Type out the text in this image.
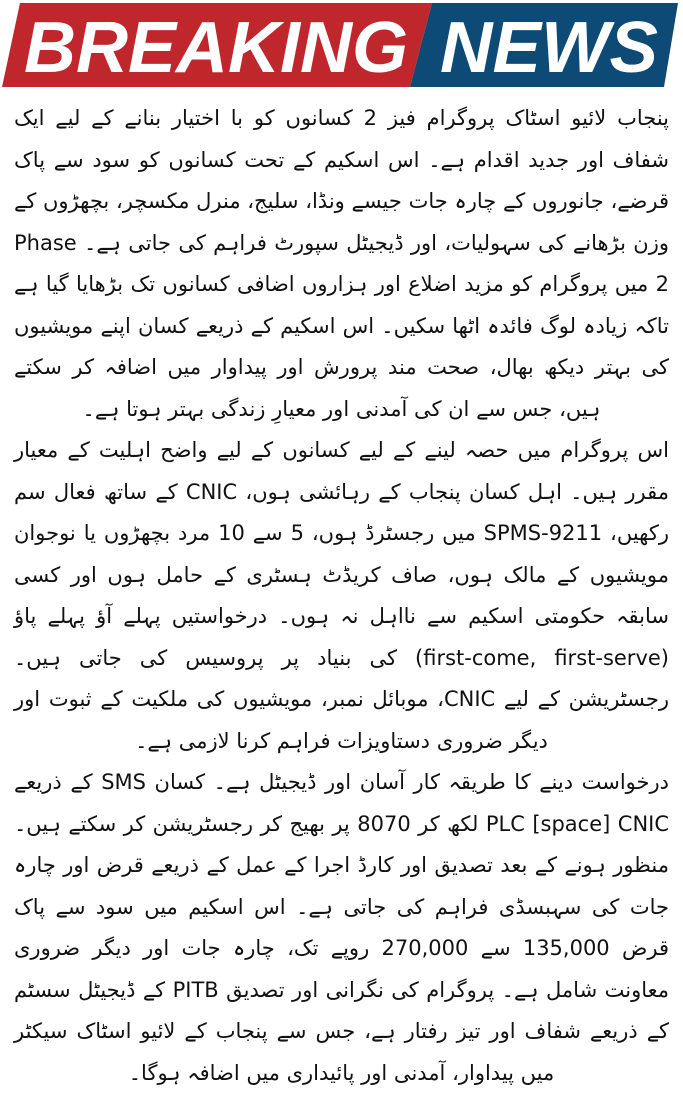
BREAKING NEWS

پنجاب لائیو اسٹاک پروگرام فیز 2 کسانوں کو با اختیار بنانے کے لیے ایک شفاف اور جدید اقدام ہے۔ اس اسکیم کے تحت کسانوں کو سود سے پاک قرضے، جانوروں کے چارہ جات جیسے ونڈا، سلیج، منرل مکسچر، بچھڑوں کے وزن بڑھانے کی سہولیات، اور ڈیجیٹل سپورٹ فراہم کی جاتی ہے۔ Phase 2 میں پروگرام کو مزید اضلاع اور ہزاروں اضافی کسانوں تک بڑھایا گیا ہے تاکہ زیادہ لوگ فائدہ اٹھا سکیں۔ اس اسکیم کے ذریعے کسان اپنے مویشیوں کی بہتر دیکھ بھال، صحت مند پرورش اور پیداوار میں اضافہ کر سکتے ہیں، جس سے ان کی آمدنی اور معیارِ زندگی بہتر ہوتا ہے۔

اس پروگرام میں حصہ لینے کے لیے کسانوں کے لیے واضح اہلیت کے معیار مقرر ہیں۔ اہل کسان پنجاب کے رہائشی ہوں، CNIC کے ساتھ فعال سم رکھیں، SPMS-9211 میں رجسٹرڈ ہوں، 5 سے 10 مرد بچھڑوں یا نوجوان مویشیوں کے مالک ہوں، صاف کریڈٹ ہسٹری کے حامل ہوں اور کسی سابقہ حکومتی اسکیم سے نااہل نہ ہوں۔ درخواستیں پہلے آؤ پہلے پاؤ (first-come, first-serve) کی بنیاد پر پروسیس کی جاتی ہیں۔ رجسٹریشن کے لیے CNIC، موبائل نمبر، مویشیوں کی ملکیت کے ثبوت اور دیگر ضروری دستاویزات فراہم کرنا لازمی ہے۔

درخواست دینے کا طریقہ کار آسان اور ڈیجیٹل ہے۔ کسان SMS کے ذریعے PLC [space] CNIC لکھ کر 8070 پر بھیج کر رجسٹریشن کر سکتے ہیں۔ منظور ہونے کے بعد تصدیق اور کارڈ اجرا کے عمل کے ذریعے قرض اور چارہ جات کی سہبسڈی فراہم کی جاتی ہے۔ اس اسکیم میں سود سے پاک قرض 135,000 سے 270,000 روپے تک، چارہ جات اور دیگر ضروری معاونت شامل ہے۔ پروگرام کی نگرانی اور تصدیق PITB کے ڈیجیٹل سسٹم کے ذریعے شفاف اور تیز رفتار ہے، جس سے پنجاب کے لائیو اسٹاک سیکٹر میں پیداوار، آمدنی اور پائیداری میں اضافہ ہوگا۔
